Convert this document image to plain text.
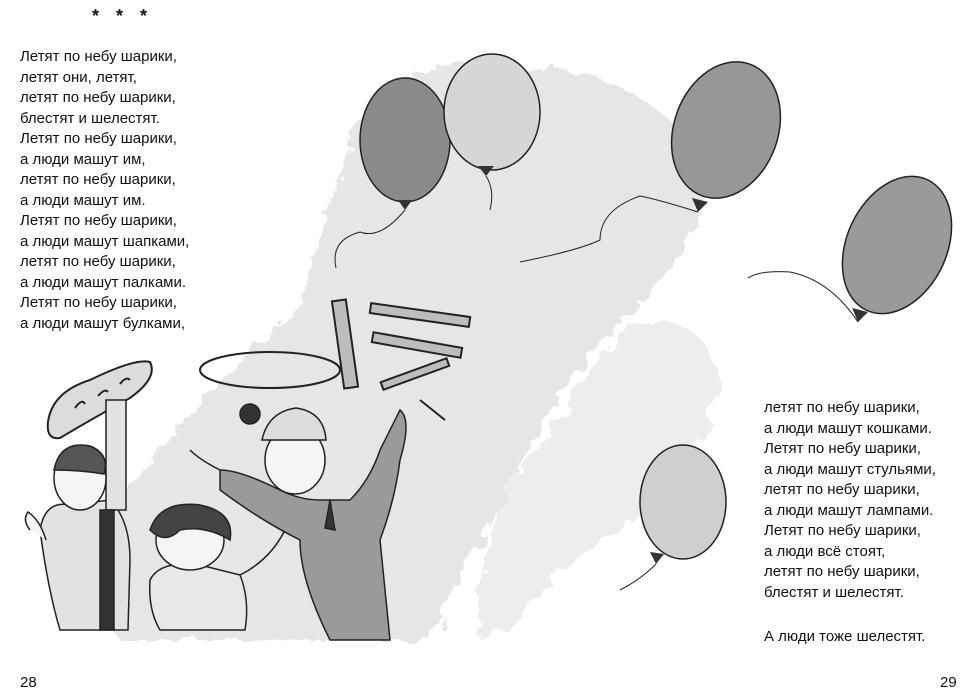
* * *
Летят по небу шарики,
летят они, летят,
летят по небу шарики,
блестят и шелестят.
Летят по небу шарики,
а люди машут им,
летят по небу шарики,
а люди машут им.
Летят по небу шарики,
а люди машут шапками,
летят по небу шарики,
а люди машут палками.
Летят по небу шарики,
а люди машут булками,
летят по небу шарики,
а люди машут кошками.
Летят по небу шарики,
а люди машут стульями,
летят по небу шарики,
а люди машут лампами.
Летят по небу шарики,
а люди всё стоят,
летят по небу шарики,
блестят и шелестят.
А люди тоже шелестят.
28	29
